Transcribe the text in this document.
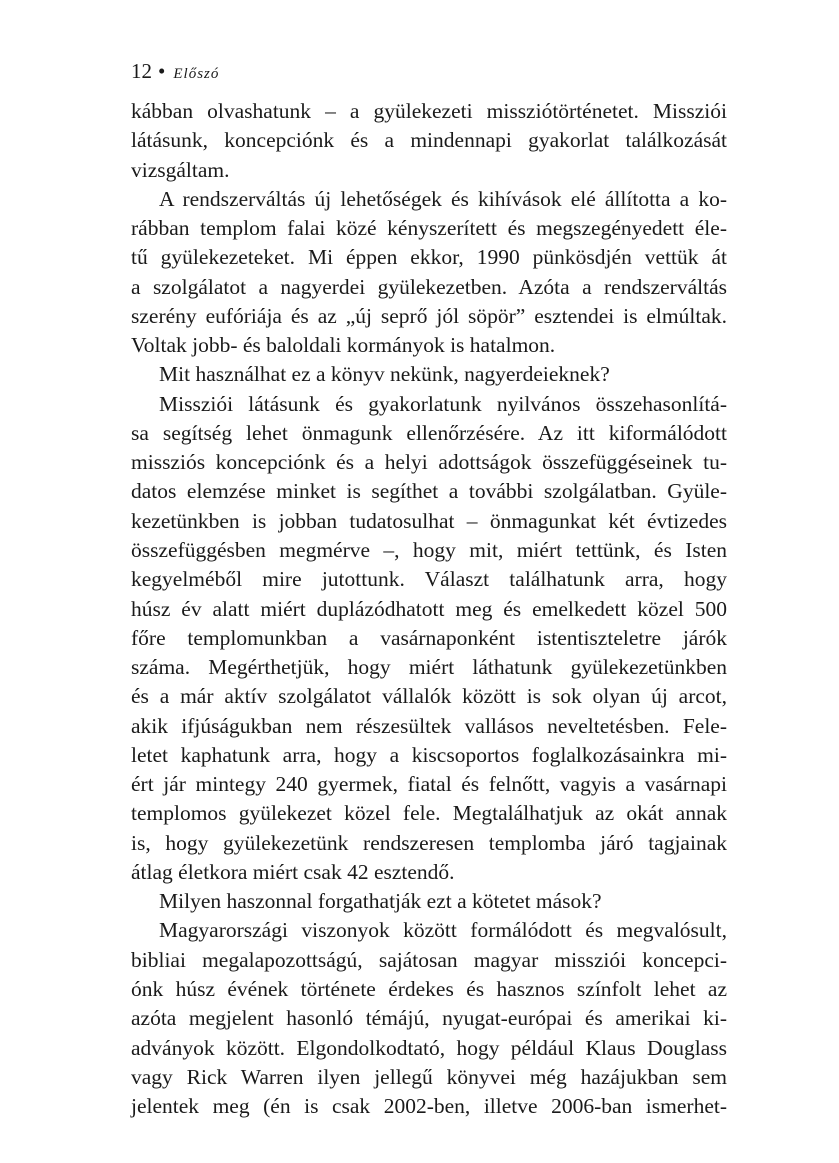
12 • Előszó
kábban olvashatunk – a gyülekezeti missziótörténetet. Missziói
látásunk, koncepciónk és a mindennapi gyakorlat találkozását
vizsgáltam.
A rendszerváltás új lehetőségek és kihívások elé állította a ko-
rábban templom falai közé kényszerített és megszegényedett éle-
tű gyülekezeteket. Mi éppen ekkor, 1990 pünkösdjén vettük át
a szolgálatot a nagyerdei gyülekezetben. Azóta a rendszerváltás
szerény eufóriája és az „új seprő jól söpör” esztendei is elmúltak.
Voltak jobb- és baloldali kormányok is hatalmon.
Mit használhat ez a könyv nekünk, nagyerdeieknek?
Missziói látásunk és gyakorlatunk nyilvános összehasonlítá-
sa segítség lehet önmagunk ellenőrzésére. Az itt kiformálódott
missziós koncepciónk és a helyi adottságok összefüggéseinek tu-
datos elemzése minket is segíthet a további szolgálatban. Gyüle-
kezetünkben is jobban tudatosulhat – önmagunkat két évtizedes
összefüggésben megmérve –, hogy mit, miért tettünk, és Isten
kegyelméből mire jutottunk. Választ találhatunk arra, hogy
húsz év alatt miért duplázódhatott meg és emelkedett közel 500
főre templomunkban a vasárnaponként istentiszteletre járók
száma. Megérthetjük, hogy miért láthatunk gyülekezetünkben
és a már aktív szolgálatot vállalók között is sok olyan új arcot,
akik ifjúságukban nem részesültek vallásos neveltetésben. Fele-
letet kaphatunk arra, hogy a kiscsoportos foglalkozásainkra mi-
ért jár mintegy 240 gyermek, fiatal és felnőtt, vagyis a vasárnapi
templomos gyülekezet közel fele. Megtalálhatjuk az okát annak
is, hogy gyülekezetünk rendszeresen templomba járó tagjainak
átlag életkora miért csak 42 esztendő.
Milyen haszonnal forgathatják ezt a kötetet mások?
Magyarországi viszonyok között formálódott és megvalósult,
bibliai megalapozottságú, sajátosan magyar missziói koncepci-
ónk húsz évének története érdekes és hasznos színfolt lehet az
azóta megjelent hasonló témájú, nyugat-európai és amerikai ki-
adványok között. Elgondolkodtató, hogy például Klaus Douglass
vagy Rick Warren ilyen jellegű könyvei még hazájukban sem
jelentek meg (én is csak 2002-ben, illetve 2006-ban ismerhet-
